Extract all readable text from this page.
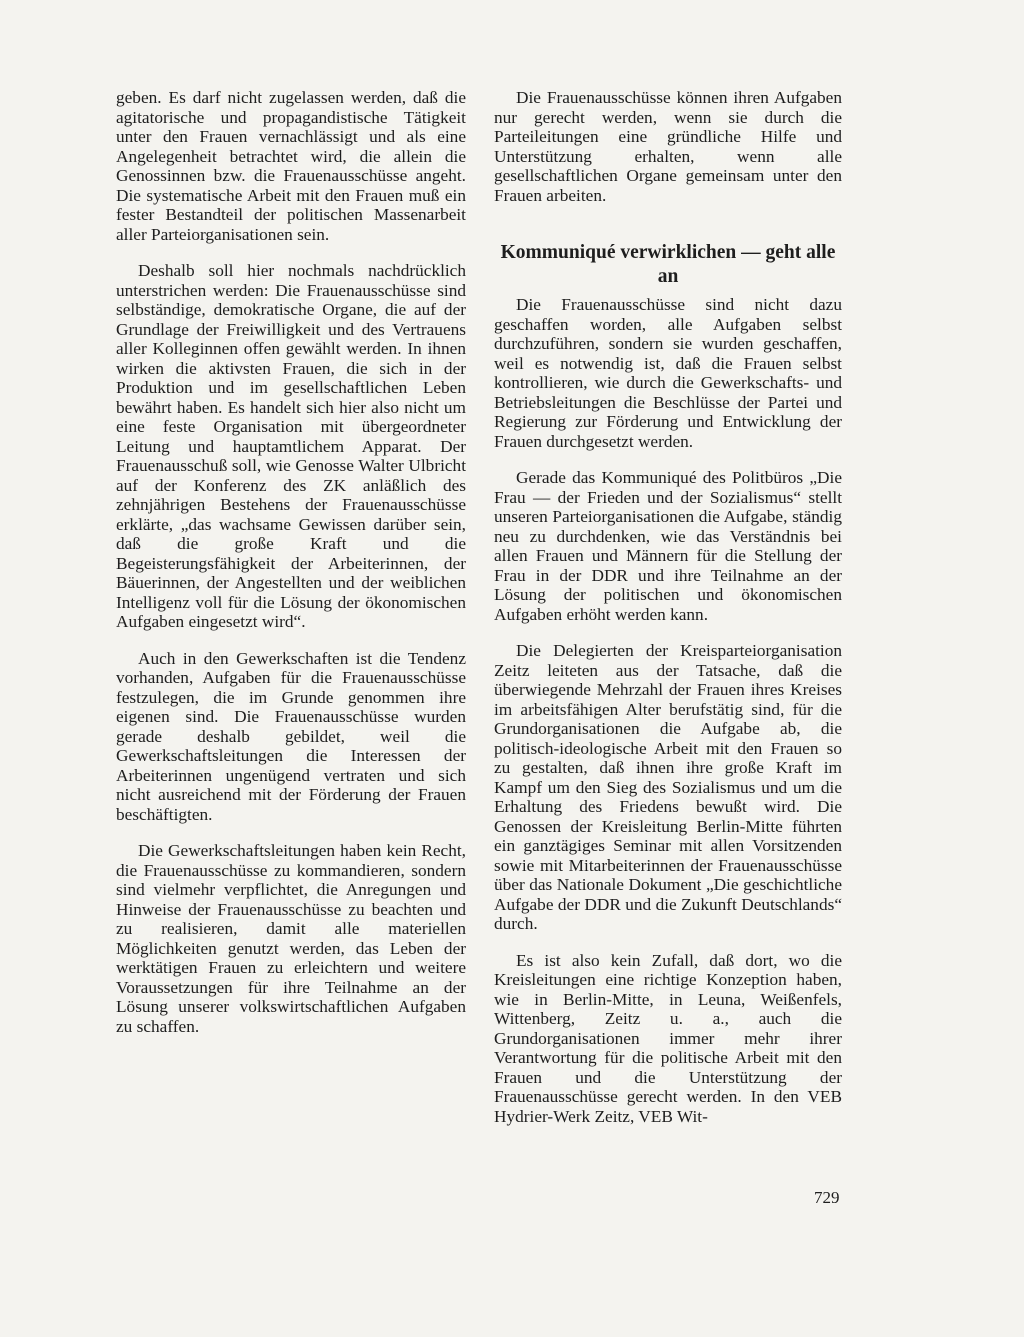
geben. Es darf nicht zugelassen werden, daß die agitatorische und propagandistische Tätigkeit unter den Frauen vernachlässigt und als eine Angelegenheit betrachtet wird, die allein die Genossinnen bzw. die Frauenausschüsse angeht. Die systematische Arbeit mit den Frauen muß ein fester Bestandteil der politischen Massenarbeit aller Parteiorganisationen sein.

Deshalb soll hier nochmals nachdrücklich unterstrichen werden: Die Frauenausschüsse sind selbständige, demokratische Organe, die auf der Grundlage der Freiwilligkeit und des Vertrauens aller Kolleginnen offen gewählt werden. In ihnen wirken die aktivsten Frauen, die sich in der Produktion und im gesellschaftlichen Leben bewährt haben. Es handelt sich hier also nicht um eine feste Organisation mit übergeordneter Leitung und hauptamtlichem Apparat. Der Frauenausschuß soll, wie Genosse Walter Ulbricht auf der Konferenz des ZK anläßlich des zehnjährigen Bestehens der Frauenausschüsse erklärte, „das wachsame Gewissen darüber sein, daß die große Kraft und die Begeisterungsfähigkeit der Arbeiterinnen, der Bäuerinnen, der Angestellten und der weiblichen Intelligenz voll für die Lösung der ökonomischen Aufgaben eingesetzt wird“.

Auch in den Gewerkschaften ist die Tendenz vorhanden, Aufgaben für die Frauenausschüsse festzulegen, die im Grunde genommen ihre eigenen sind. Die Frauenausschüsse wurden gerade deshalb gebildet, weil die Gewerkschaftsleitungen die Interessen der Arbeiterinnen ungenügend vertraten und sich nicht ausreichend mit der Förderung der Frauen beschäftigten.

Die Gewerkschaftsleitungen haben kein Recht, die Frauenausschüsse zu kommandieren, sondern sind vielmehr verpflichtet, die Anregungen und Hinweise der Frauenausschüsse zu beachten und zu realisieren, damit alle materiellen Möglichkeiten genutzt werden, das Leben der werktätigen Frauen zu erleichtern und weitere Voraussetzungen für ihre Teilnahme an der Lösung unserer volkswirtschaftlichen Aufgaben zu schaffen.

Die Frauenausschüsse können ihren Aufgaben nur gerecht werden, wenn sie durch die Parteileitungen eine gründliche Hilfe und Unterstützung erhalten, wenn alle gesellschaftlichen Organe gemeinsam unter den Frauen arbeiten.

Kommuniqué verwirklichen — geht alle an

Die Frauenausschüsse sind nicht dazu geschaffen worden, alle Aufgaben selbst durchzuführen, sondern sie wurden geschaffen, weil es notwendig ist, daß die Frauen selbst kontrollieren, wie durch die Gewerkschafts- und Betriebsleitungen die Beschlüsse der Partei und Regierung zur Förderung und Entwicklung der Frauen durchgesetzt werden.

Gerade das Kommuniqué des Politbüros „Die Frau — der Frieden und der Sozialismus“ stellt unseren Parteiorganisationen die Aufgabe, ständig neu zu durchdenken, wie das Verständnis bei allen Frauen und Männern für die Stellung der Frau in der DDR und ihre Teilnahme an der Lösung der politischen und ökonomischen Aufgaben erhöht werden kann.

Die Delegierten der Kreisparteiorganisation Zeitz leiteten aus der Tatsache, daß die überwiegende Mehrzahl der Frauen ihres Kreises im arbeitsfähigen Alter berufstätig sind, für die Grundorganisationen die Aufgabe ab, die politisch-ideologische Arbeit mit den Frauen so zu gestalten, daß ihnen ihre große Kraft im Kampf um den Sieg des Sozialismus und um die Erhaltung des Friedens bewußt wird. Die Genossen der Kreisleitung Berlin-Mitte führten ein ganztägiges Seminar mit allen Vorsitzenden sowie mit Mitarbeiterinnen der Frauenausschüsse über das Nationale Dokument „Die geschichtliche Aufgabe der DDR und die Zukunft Deutschlands“ durch.

Es ist also kein Zufall, daß dort, wo die Kreisleitungen eine richtige Konzeption haben, wie in Berlin-Mitte, in Leuna, Weißenfels, Wittenberg, Zeitz u. a., auch die Grundorganisationen immer mehr ihrer Verantwortung für die politische Arbeit mit den Frauen und die Unterstützung der Frauenausschüsse gerecht werden. In den VEB Hydrier-Werk Zeitz, VEB Wit-

729
